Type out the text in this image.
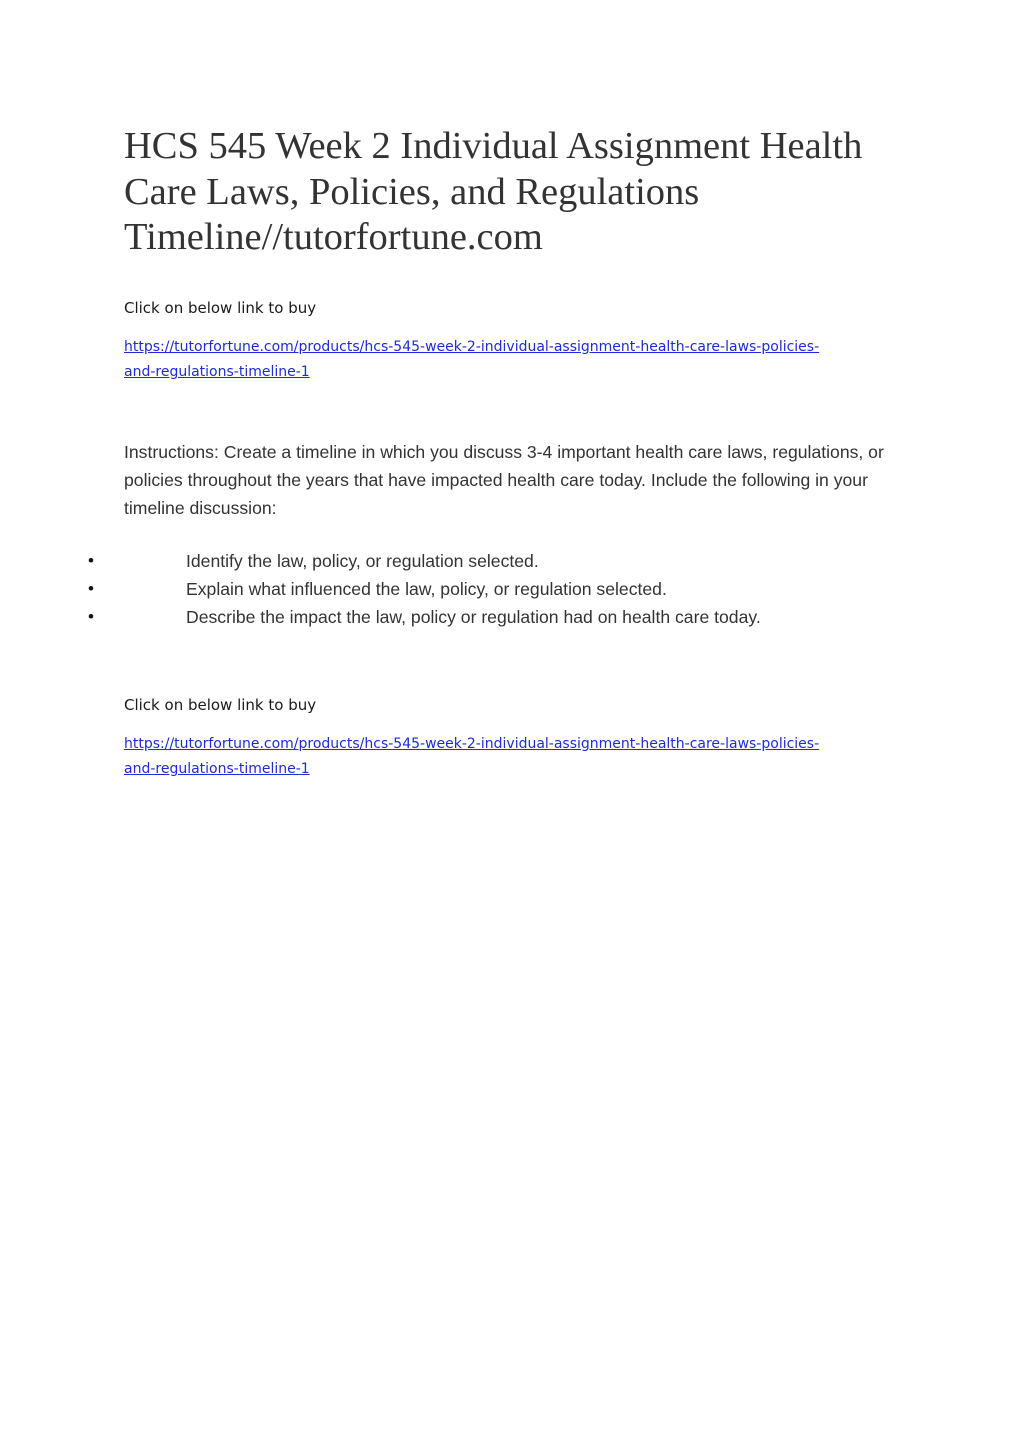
HCS 545 Week 2 Individual Assignment Health Care Laws, Policies, and Regulations Timeline//tutorfortune.com

Click on below link to buy

https://tutorfortune.com/products/hcs-545-week-2-individual-assignment-health-care-laws-policies-
and-regulations-timeline-1

Instructions: Create a timeline in which you discuss 3-4 important health care laws, regulations, or policies throughout the years that have impacted health care today. Include the following in your timeline discussion:

•	Identify the law, policy, or regulation selected.
•	Explain what influenced the law, policy, or regulation selected.
•	Describe the impact the law, policy or regulation had on health care today.

Click on below link to buy

https://tutorfortune.com/products/hcs-545-week-2-individual-assignment-health-care-laws-policies-
and-regulations-timeline-1
